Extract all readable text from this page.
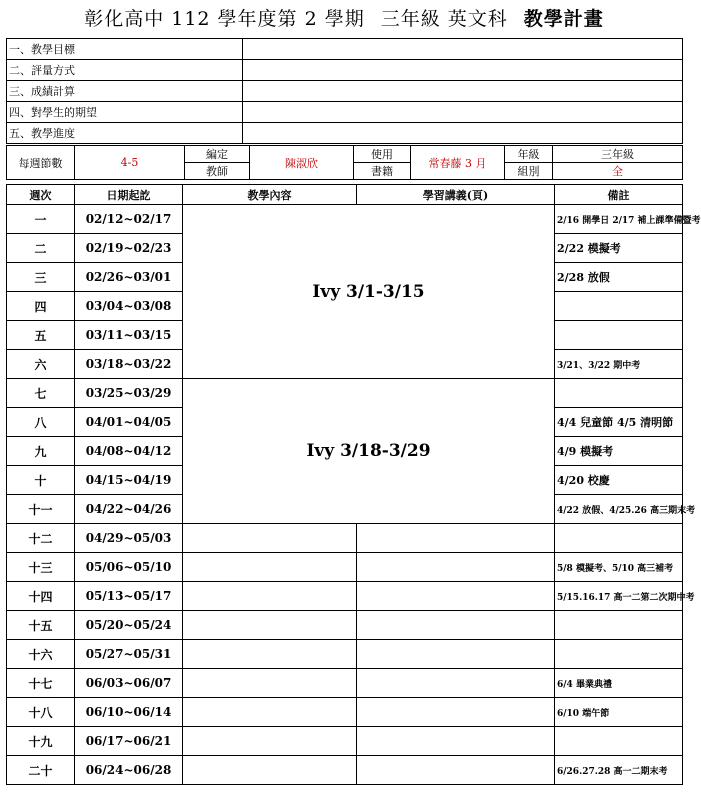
彰化高中 112 學年度第 2 學期 三年級 英文科 教學計畫
一、教學目標	
二、評量方式	
三、成績計算	
四、對學生的期望	
五、教學進度	
每週節數	4-5	編定	陳淑欣	使用	常春藤 3 月	年級	三年級
		教師		書籍		組別	全
週次	日期起訖	教學內容	學習講義(頁)	備註
一	02/12~02/17	Ivy 3/1-3/15		2/16 開學日 2/17 補上課準備暨考
二	02/19~02/23			2/22 模擬考
三	02/26~03/01			2/28 放假
四	03/04~03/08			
五	03/11~03/15			
六	03/18~03/22			3/21、3/22 期中考
七	03/25~03/29	Ivy 3/18-3/29		
八	04/01~04/05			4/4 兒童節 4/5 清明節
九	04/08~04/12			4/9 模擬考
十	04/15~04/19			4/20 校慶
十一	04/22~04/26			4/22 放假、4/25.26 高三期末考
十二	04/29~05/03			
十三	05/06~05/10			5/8 模擬考、5/10 高三補考
十四	05/13~05/17			5/15.16.17 高一二第二次期中考
十五	05/20~05/24			
十六	05/27~05/31			
十七	06/03~06/07			6/4 畢業典禮
十八	06/10~06/14			6/10 端午節
十九	06/17~06/21			
二十	06/24~06/28			6/26.27.28 高一二期末考
